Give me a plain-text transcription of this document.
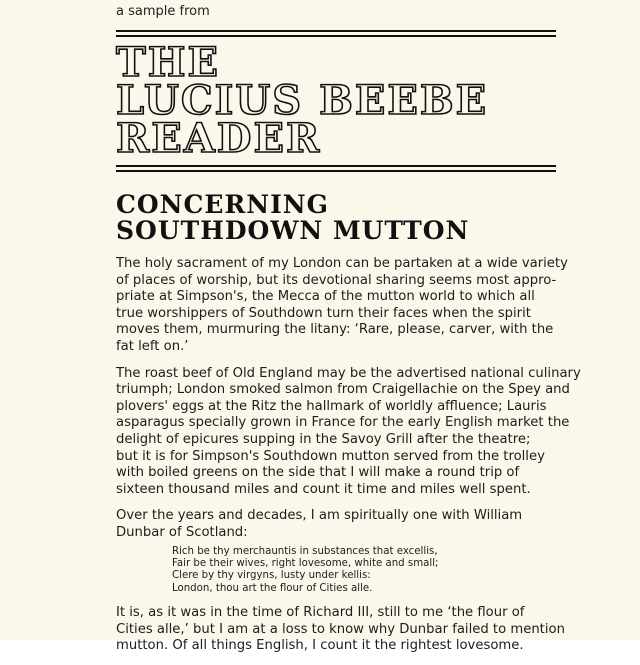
a sample from
THE
LUCIUS BEEBE
READER
CONCERNING
SOUTHDOWN MUTTON

The holy sacrament of my London can be partaken at a wide variety
of places of worship, but its devotional sharing seems most appro-
priate at Simpson's, the Mecca of the mutton world to which all
true worshippers of Southdown turn their faces when the spirit
moves them, murmuring the litany: ‘Rare, please, carver, with the
fat left on.’

The roast beef of Old England may be the advertised national culinary
triumph; London smoked salmon from Craigellachie on the Spey and
plovers' eggs at the Ritz the hallmark of worldly affluence; Lauris
asparagus specially grown in France for the early English market the
delight of epicures supping in the Savoy Grill after the theatre;
but it is for Simpson's Southdown mutton served from the trolley
with boiled greens on the side that I will make a round trip of
sixteen thousand miles and count it time and miles well spent.

Over the years and decades, I am spiritually one with William
Dunbar of Scotland:

Rich be thy merchauntis in substances that excellis,
Fair be their wives, right lovesome, white and small;
Clere by thy virgyns, lusty under kellis:
London, thou art the flour of Cities alle.

It is, as it was in the time of Richard III, still to me ‘the flour of
Cities alle,’ but I am at a loss to know why Dunbar failed to mention
mutton. Of all things English, I count it the rightest lovesome.
